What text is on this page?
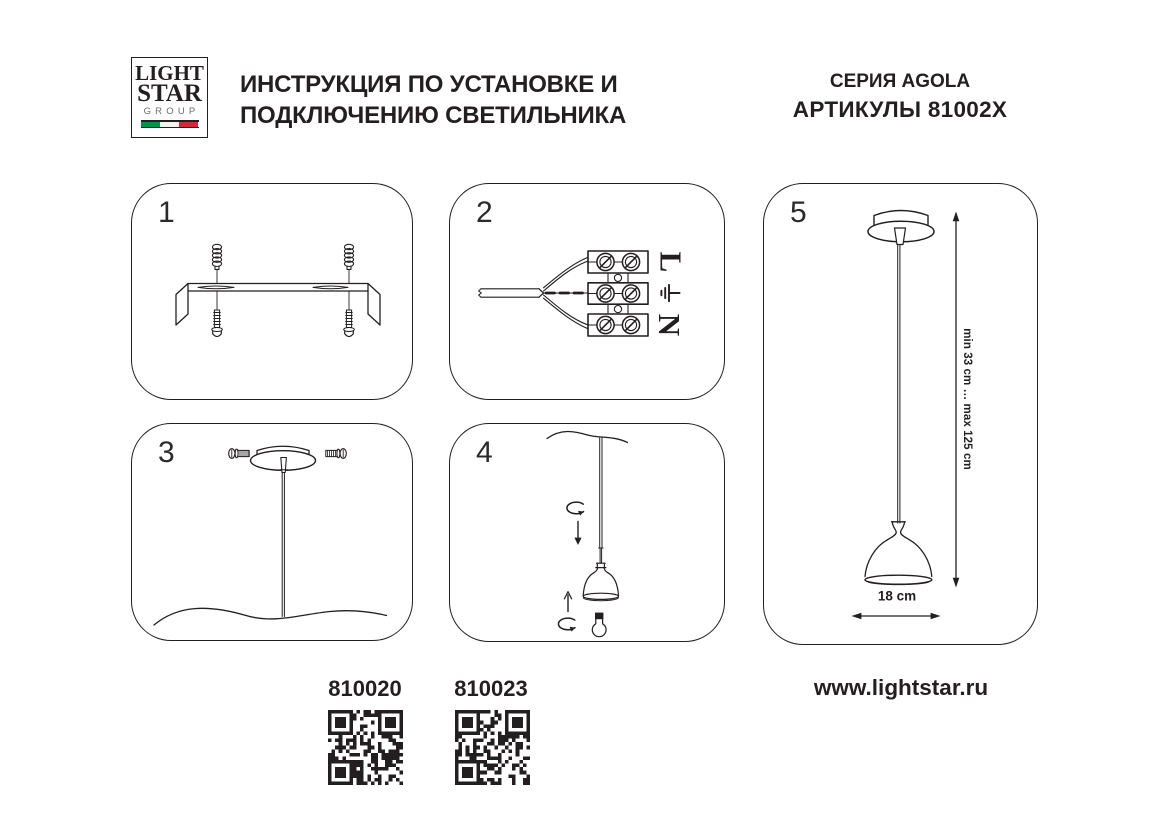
LIGHT
STAR
GROUP
ИНСТРУКЦИЯ ПО УСТАНОВКЕ И
ПОДКЛЮЧЕНИЮ СВЕТИЛЬНИКА
СЕРИЯ AGOLA
АРТИКУЛЫ 81002X
1	2
L
N
3	4
5
min 33 cm … max 125 cm
18 cm
810020	810023	www.lightstar.ru
